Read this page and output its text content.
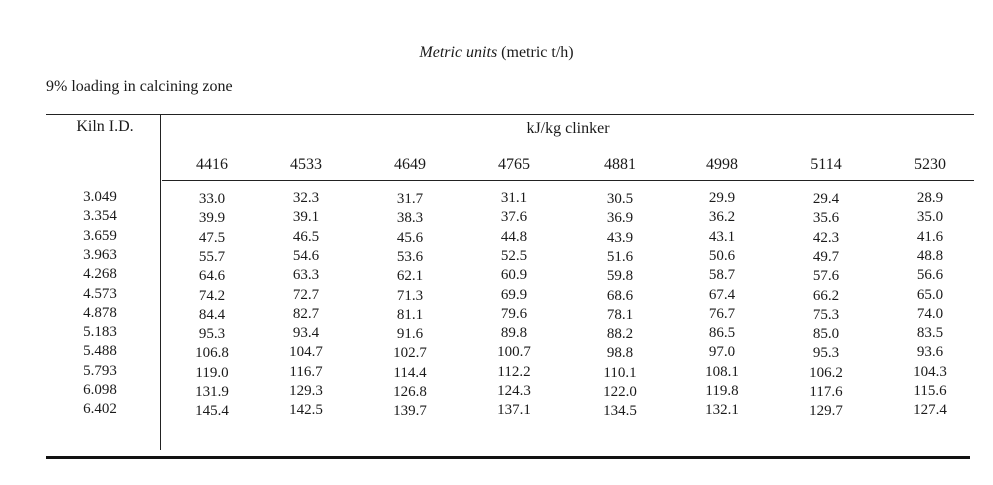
Metric units (metric t/h)
9% loading in calcining zone
Kiln I.D.	kJ/kg clinker
4416	4533	4649	4765	4881	4998	5114	5230
3.049	33.0	32.3	31.7	31.1	30.5	29.9	29.4	28.9
3.354	39.9	39.1	38.3	37.6	36.9	36.2	35.6	35.0
3.659	47.5	46.5	45.6	44.8	43.9	43.1	42.3	41.6
3.963	55.7	54.6	53.6	52.5	51.6	50.6	49.7	48.8
4.268	64.6	63.3	62.1	60.9	59.8	58.7	57.6	56.6
4.573	74.2	72.7	71.3	69.9	68.6	67.4	66.2	65.0
4.878	84.4	82.7	81.1	79.6	78.1	76.7	75.3	74.0
5.183	95.3	93.4	91.6	89.8	88.2	86.5	85.0	83.5
5.488	106.8	104.7	102.7	100.7	98.8	97.0	95.3	93.6
5.793	119.0	116.7	114.4	112.2	110.1	108.1	106.2	104.3
6.098	131.9	129.3	126.8	124.3	122.0	119.8	117.6	115.6
6.402	145.4	142.5	139.7	137.1	134.5	132.1	129.7	127.4
